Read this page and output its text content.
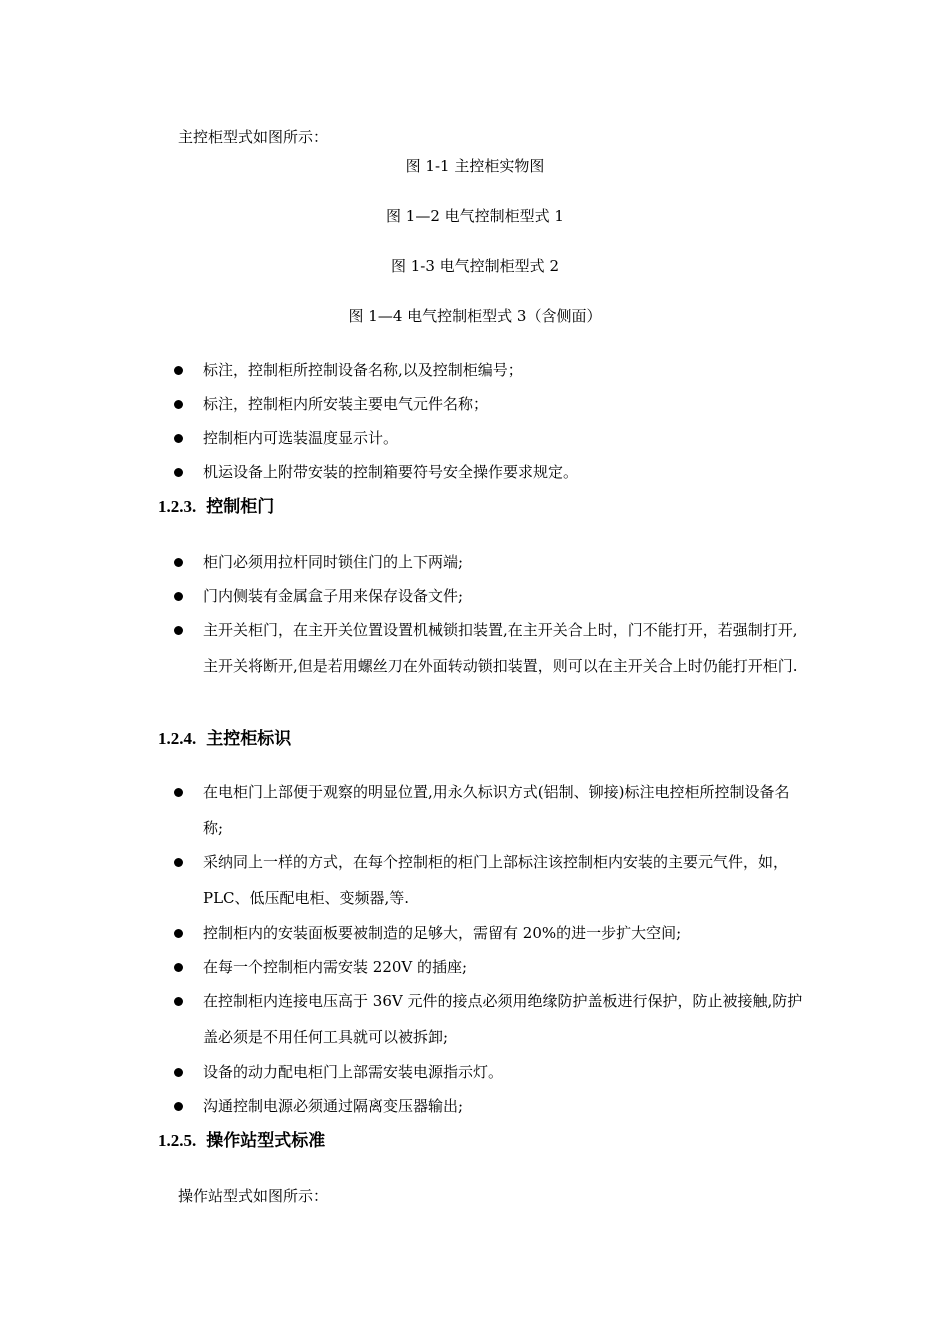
主控柜型式如图所示：
图 1-1 主控柜实物图
图 1—2 电气控制柜型式 1
图 1-3 电气控制柜型式 2
图 1—4 电气控制柜型式 3（含侧面）
标注，控制柜所控制设备名称,以及控制柜编号；
标注，控制柜内所安装主要电气元件名称；
控制柜内可选装温度显示计。
机运设备上附带安装的控制箱要符号安全操作要求规定。
1.2.3. 控制柜门
柜门必须用拉杆同时锁住门的上下两端;
门内侧装有金属盒子用来保存设备文件;
主开关柜门，在主开关位置设置机械锁扣装置,在主开关合上时，门不能打开，若强制打开,主开关将断开,但是若用螺丝刀在外面转动锁扣装置，则可以在主开关合上时仍能打开柜门.
1.2.4. 主控柜标识
在电柜门上部便于观察的明显位置,用永久标识方式(铝制、铆接)标注电控柜所控制设备名称;
采纳同上一样的方式，在每个控制柜的柜门上部标注该控制柜内安装的主要元气件，如，PLC、低压配电柜、变频器,等.
控制柜内的安装面板要被制造的足够大，需留有 20%的进一步扩大空间;
在每一个控制柜内需安装 220V 的插座;
在控制柜内连接电压高于 36V 元件的接点必须用绝缘防护盖板进行保护，防止被接触,防护盖必须是不用任何工具就可以被拆卸;
设备的动力配电柜门上部需安装电源指示灯。
沟通控制电源必须通过隔离变压器输出;
1.2.5. 操作站型式标准
操作站型式如图所示：
